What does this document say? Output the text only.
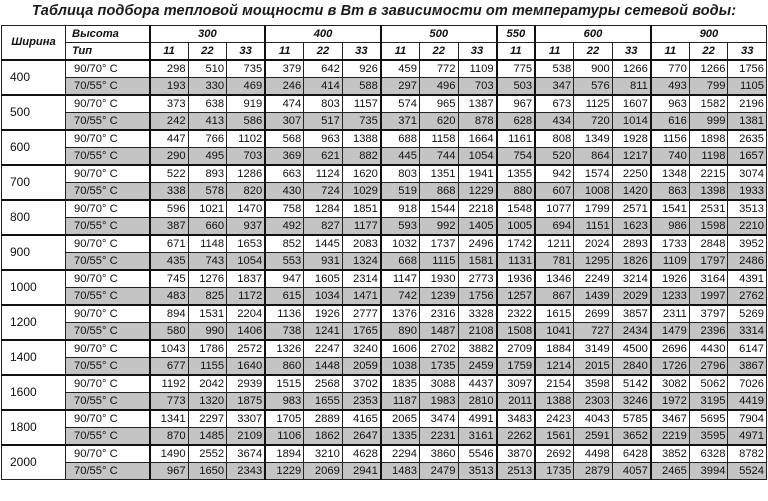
Таблица подбора тепловой мощности в Вт в зависимости от температуры сетевой воды:
Ширина	Высота	300			400			500			550	600			900		
	Тип	11	22	33	11	22	33	11	22	33	11	11	22	33	11	22	33
400	90/70° С	298	510	735	379	642	926	459	772	1109	775	538	900	1266	770	1266	1756
	70/55° С	193	330	469	246	414	588	297	496	703	503	347	576	811	493	799	1105
500	90/70° С	373	638	919	474	803	1157	574	965	1387	967	673	1125	1607	963	1582	2196
	70/55° С	242	413	586	307	517	735	371	620	878	628	434	720	1014	616	999	1381
600	90/70° С	447	766	1102	568	963	1388	688	1158	1664	1161	808	1349	1928	1156	1898	2635
	70/55° С	290	495	703	369	621	882	445	744	1054	754	520	864	1217	740	1198	1657
700	90/70° С	522	893	1286	663	1124	1620	803	1351	1941	1355	942	1574	2250	1348	2215	3074
	70/55° С	338	578	820	430	724	1029	519	868	1229	880	607	1008	1420	863	1398	1933
800	90/70° С	596	1021	1470	758	1284	1851	918	1544	2218	1548	1077	1799	2571	1541	2531	3513
	70/55° С	387	660	937	492	827	1177	593	992	1405	1005	694	1151	1623	986	1598	2210
900	90/70° С	671	1148	1653	852	1445	2083	1032	1737	2496	1742	1211	2024	2893	1733	2848	3952
	70/55° С	435	743	1054	553	931	1324	668	1115	1581	1131	781	1295	1826	1109	1797	2486
1000	90/70° С	745	1276	1837	947	1605	2314	1147	1930	2773	1936	1346	2249	3214	1926	3164	4391
	70/55° С	483	825	1172	615	1034	1471	742	1239	1756	1257	867	1439	2029	1233	1997	2762
1200	90/70° С	894	1531	2204	1136	1926	2777	1376	2316	3328	2322	1615	2699	3857	2311	3797	5269
	70/55° С	580	990	1406	738	1241	1765	890	1487	2108	1508	1041	727	2434	1479	2396	3314
1400	90/70° С	1043	1786	2572	1326	2247	3240	1606	2702	3882	2709	1884	3149	4500	2696	4430	6147
	70/55° С	677	1155	1640	860	1448	2059	1038	1735	2459	1759	1214	2015	2840	1726	2796	3867
1600	90/70° С	1192	2042	2939	1515	2568	3702	1835	3088	4437	3097	2154	3598	5142	3082	5062	7026
	70/55° С	773	1320	1875	983	1655	2353	1187	1983	2810	2011	1388	2303	3246	1972	3195	4419
1800	90/70° С	1341	2297	3307	1705	2889	4165	2065	3474	4991	3483	2423	4043	5785	3467	5695	7904
	70/55° С	870	1485	2109	1106	1862	2647	1335	2231	3161	2262	1561	2591	3652	2219	3595	4971
2000	90/70° С	1490	2552	3674	1894	3210	4628	2294	3860	5546	3870	2692	4498	6428	3852	6328	8782
	70/55° С	967	1650	2343	1229	2069	2941	1483	2479	3513	2513	1735	2879	4057	2465	3994	5524
